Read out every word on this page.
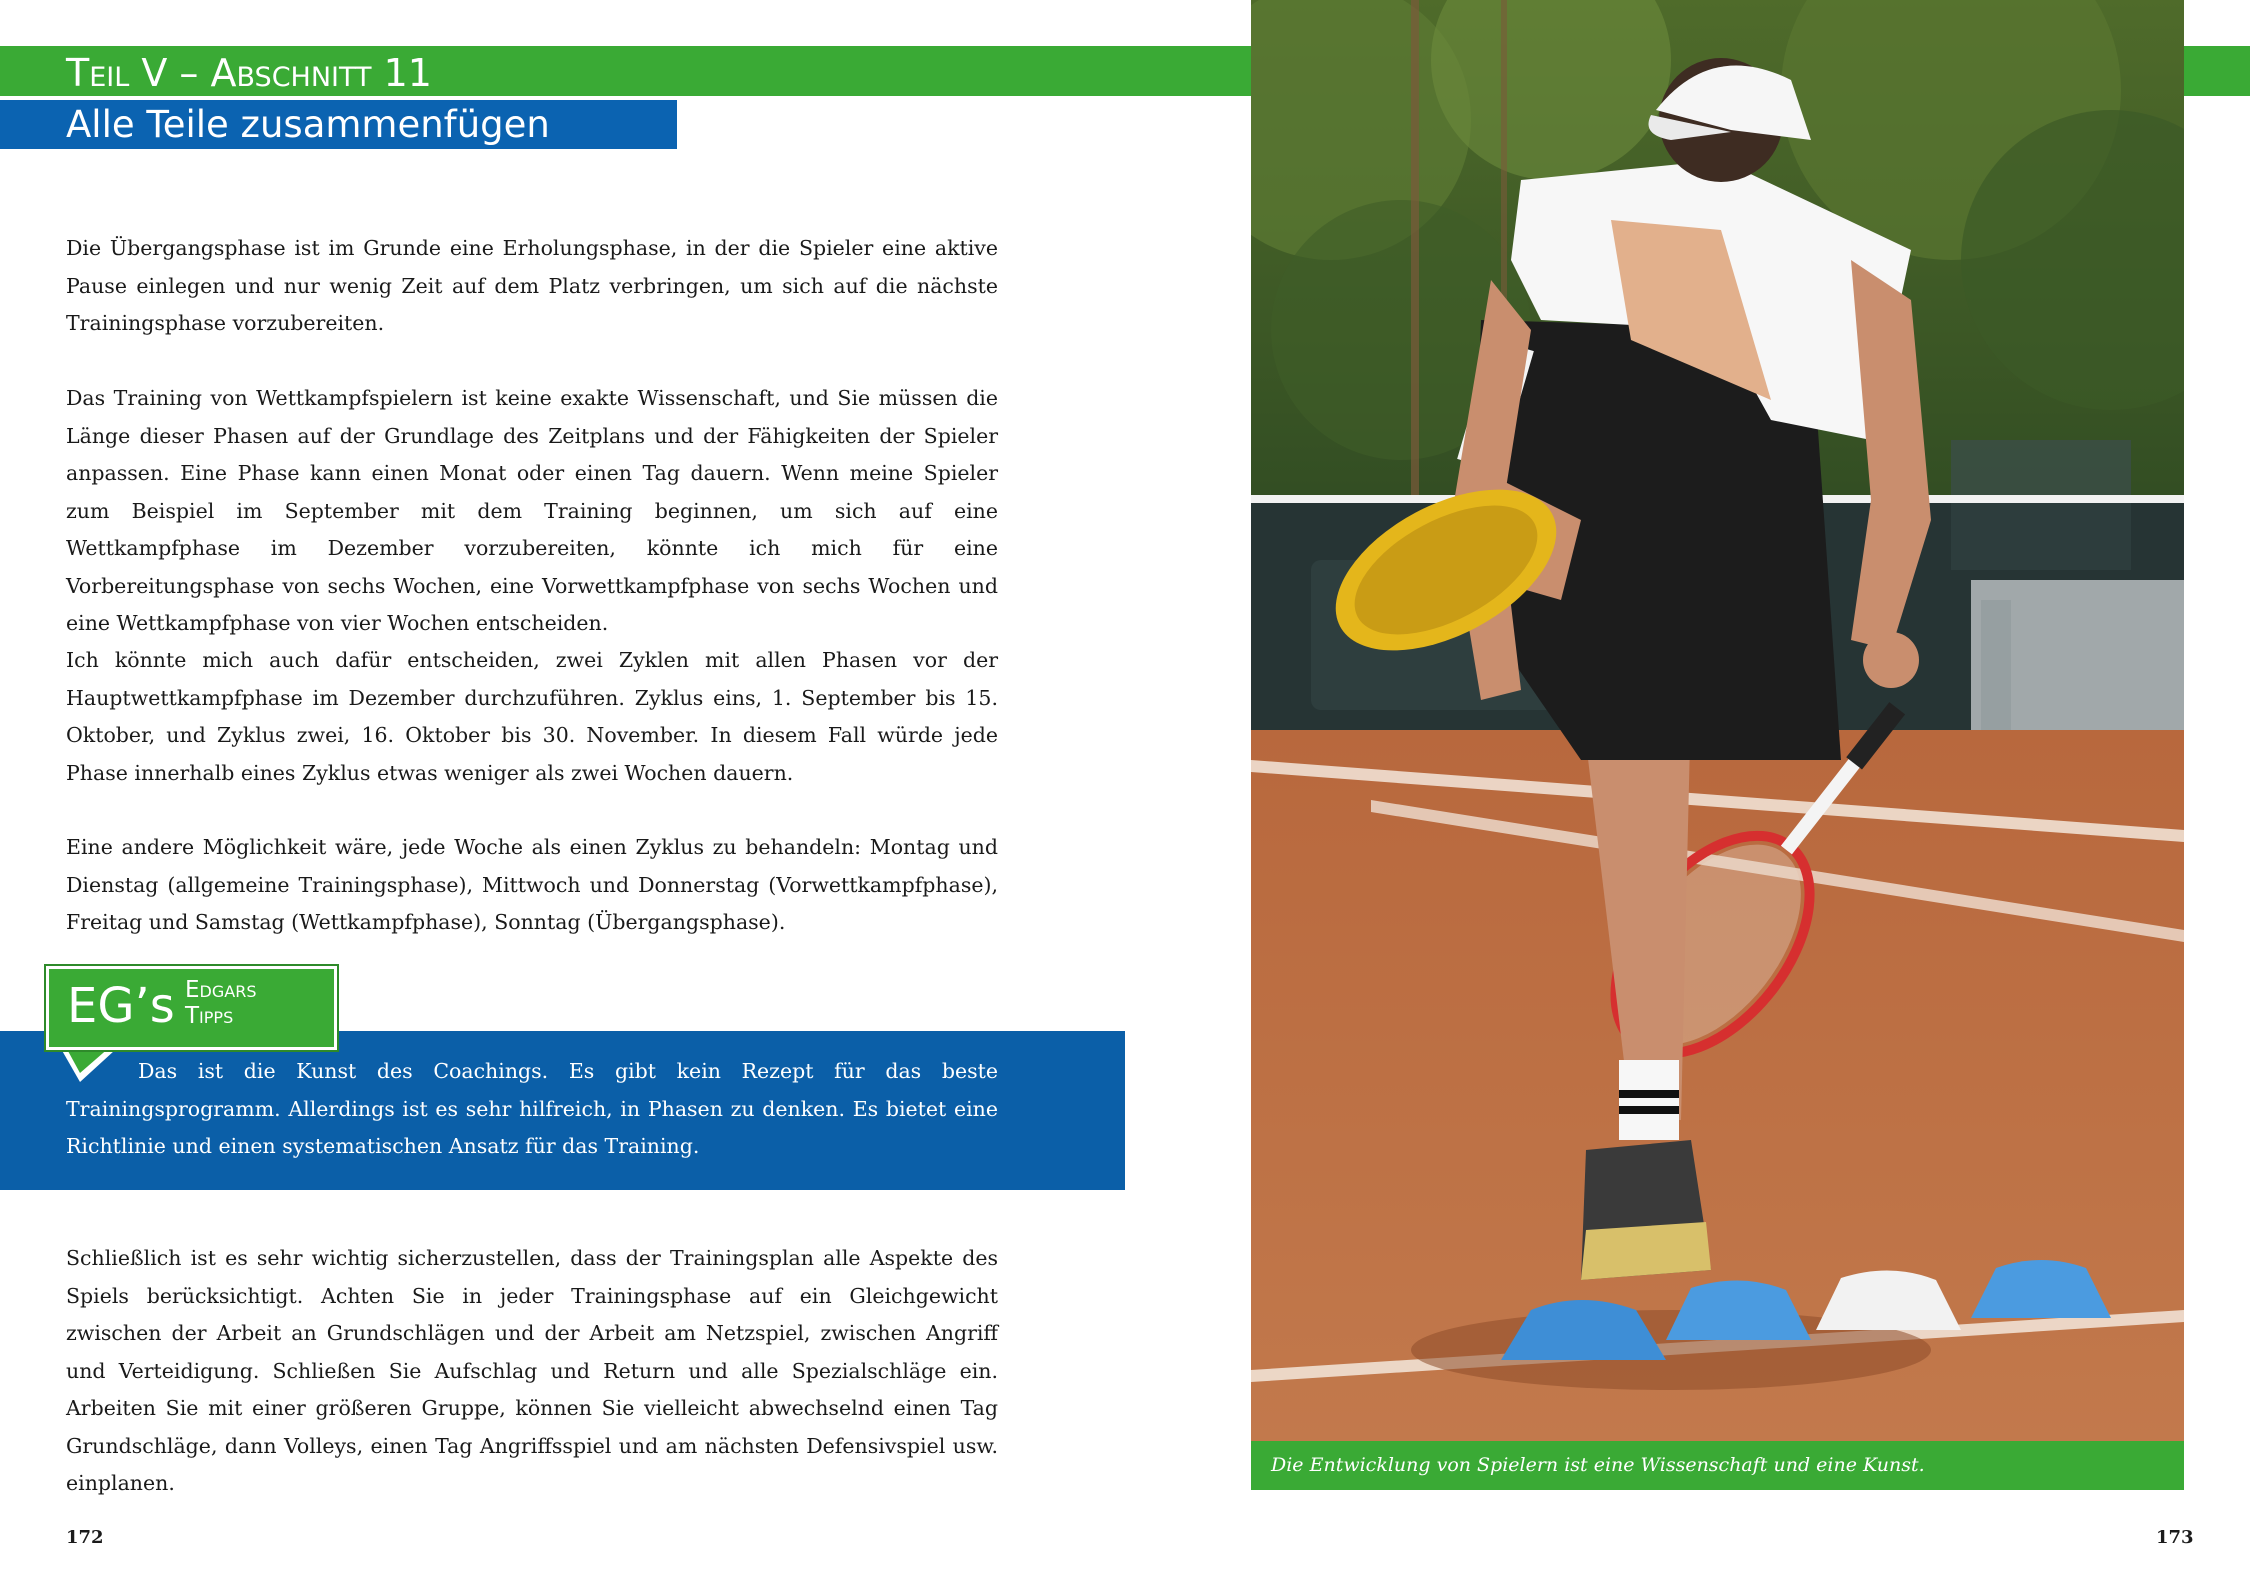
Teil V – Abschnitt 11
Alle Teile zusammenfügen

Die Übergangsphase ist im Grunde eine Erholungsphase, in der die Spieler eine aktive Pause einlegen und nur wenig Zeit auf dem Platz verbringen, um sich auf die nächste Trainingsphase vorzubereiten.

Das Training von Wettkampfspielern ist keine exakte Wissenschaft, und Sie müssen die Länge dieser Phasen auf der Grundlage des Zeitplans und der Fähigkeiten der Spieler anpassen. Eine Phase kann einen Monat oder einen Tag dauern. Wenn meine Spieler zum Beispiel im September mit dem Training beginnen, um sich auf eine Wettkampfphase im Dezember vorzubereiten, könnte ich mich für eine Vorbereitungsphase von sechs Wochen, eine Vorwettkampfphase von sechs Wochen und eine Wettkampfphase von vier Wochen entscheiden.

Ich könnte mich auch dafür entscheiden, zwei Zyklen mit allen Phasen vor der Hauptwettkampfphase im Dezember durchzuführen. Zyklus eins, 1. September bis 15. Oktober, und Zyklus zwei, 16. Oktober bis 30. November. In diesem Fall würde jede Phase innerhalb eines Zyklus etwas weniger als zwei Wochen dauern.

Eine andere Möglichkeit wäre, jede Woche als einen Zyklus zu behandeln: Montag und Dienstag (allgemeine Trainingsphase), Mittwoch und Donnerstag (Vorwettkampfphase), Freitag und Samstag (Wettkampfphase), Sonntag (Übergangsphase).

EG’s Edgars
Tipps

Das ist die Kunst des Coachings. Es gibt kein Rezept für das beste Trainingsprogramm. Allerdings ist es sehr hilfreich, in Phasen zu denken. Es bietet eine Richtlinie und einen systematischen Ansatz für das Training.

Schließlich ist es sehr wichtig sicherzustellen, dass der Trainingsplan alle Aspekte des Spiels berücksichtigt. Achten Sie in jeder Trainingsphase auf ein Gleichgewicht zwischen der Arbeit an Grundschlägen und der Arbeit am Netzspiel, zwischen Angriff und Verteidigung. Schließen Sie Aufschlag und Return und alle Spezialschläge ein. Arbeiten Sie mit einer größeren Gruppe, können Sie vielleicht abwechselnd einen Tag Grundschläge, dann Volleys, einen Tag Angriffsspiel und am nächsten Defensivspiel usw. einplanen.

Die Entwicklung von Spielern ist eine Wissenschaft und eine Kunst.

172	173
